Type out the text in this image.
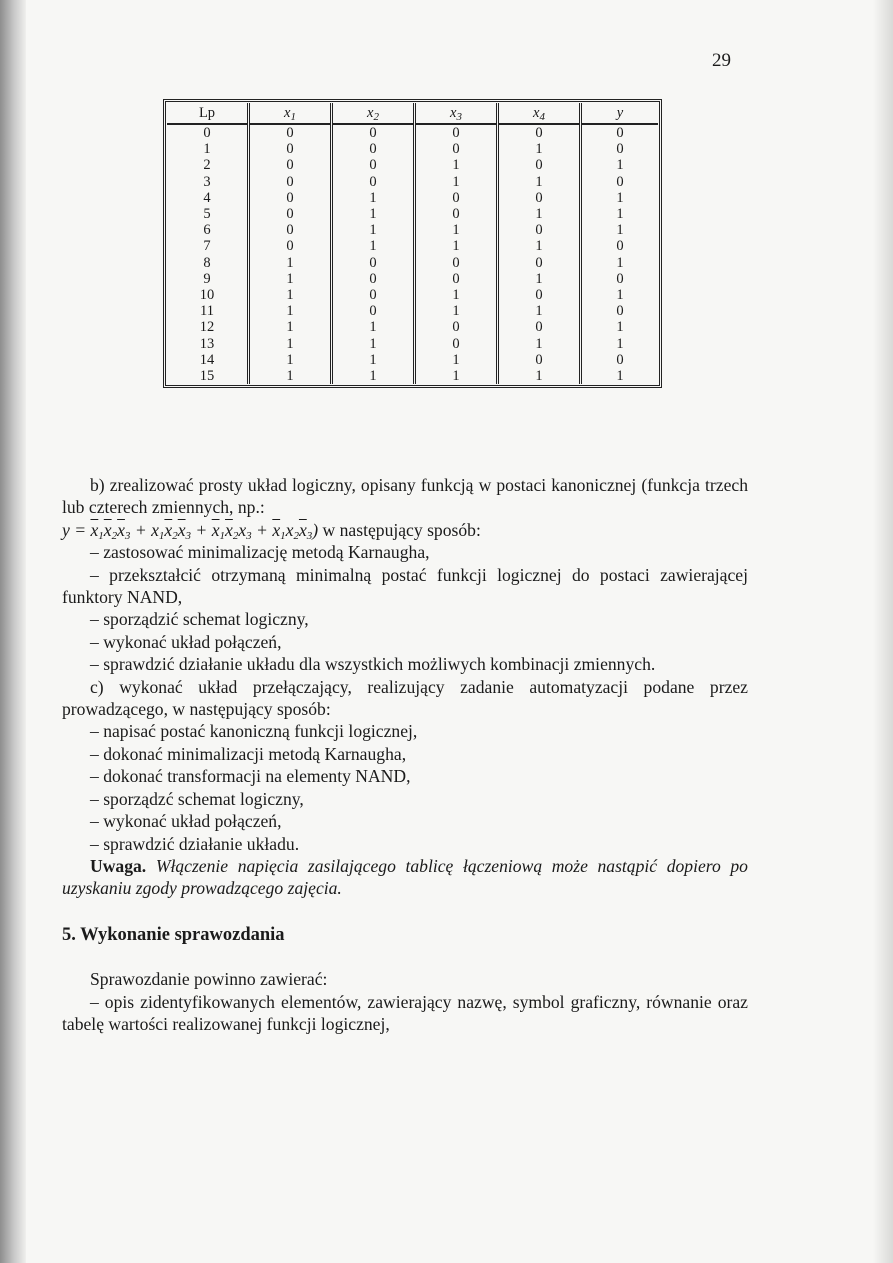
29
Lp	$x_1$	$x_2$	$x_3$	$x_4$	y
0	0	0	0	0	0
1	0	0	0	1	0
2	0	0	1	0	1
3	0	0	1	1	0
4	0	1	0	0	1
5	0	1	0	1	1
6	0	1	1	0	1
7	0	1	1	1	0
8	1	0	0	0	1
9	1	0	0	1	0
10	1	0	1	0	1
11	1	0	1	1	0
12	1	1	0	0	1
13	1	1	0	1	1
14	1	1	1	0	0
15	1	1	1	1	1

b) zrealizować prosty układ logiczny, opisany funkcją w postaci kanonicznej (funkcja trzech lub czterech zmiennych, np.:

$y = \overline{x}_1\overline{x}_2\overline{x}_3 + x_1\overline{x}_2\overline{x}_3 + \overline{x}_1\overline{x}_2x_3 + \overline{x}_1x_2\overline{x}_3$) w następujący sposób:

– zastosować minimalizację metodą Karnaugha,

– przekształcić otrzymaną minimalną postać funkcji logicznej do postaci zawierającej funktory NAND,

– sporządzić schemat logiczny,

– wykonać układ połączeń,

– sprawdzić działanie układu dla wszystkich możliwych kombinacji zmiennych.

c) wykonać układ przełączający, realizujący zadanie automatyzacji podane przez prowadzącego, w następujący sposób:

– napisać postać kanoniczną funkcji logicznej,

– dokonać minimalizacji metodą Karnaugha,

– dokonać transformacji na elementy NAND,

– sporządzć schemat logiczny,

– wykonać układ połączeń,

– sprawdzić działanie układu.

Uwaga. Włączenie napięcia zasilającego tablicę łączeniową może nastąpić dopiero po uzyskaniu zgody prowadzącego zajęcia.

5. Wykonanie sprawozdania

Sprawozdanie powinno zawierać:

– opis zidentyfikowanych elementów, zawierający nazwę, symbol graficzny, równanie oraz tabelę wartości realizowanej funkcji logicznej,
